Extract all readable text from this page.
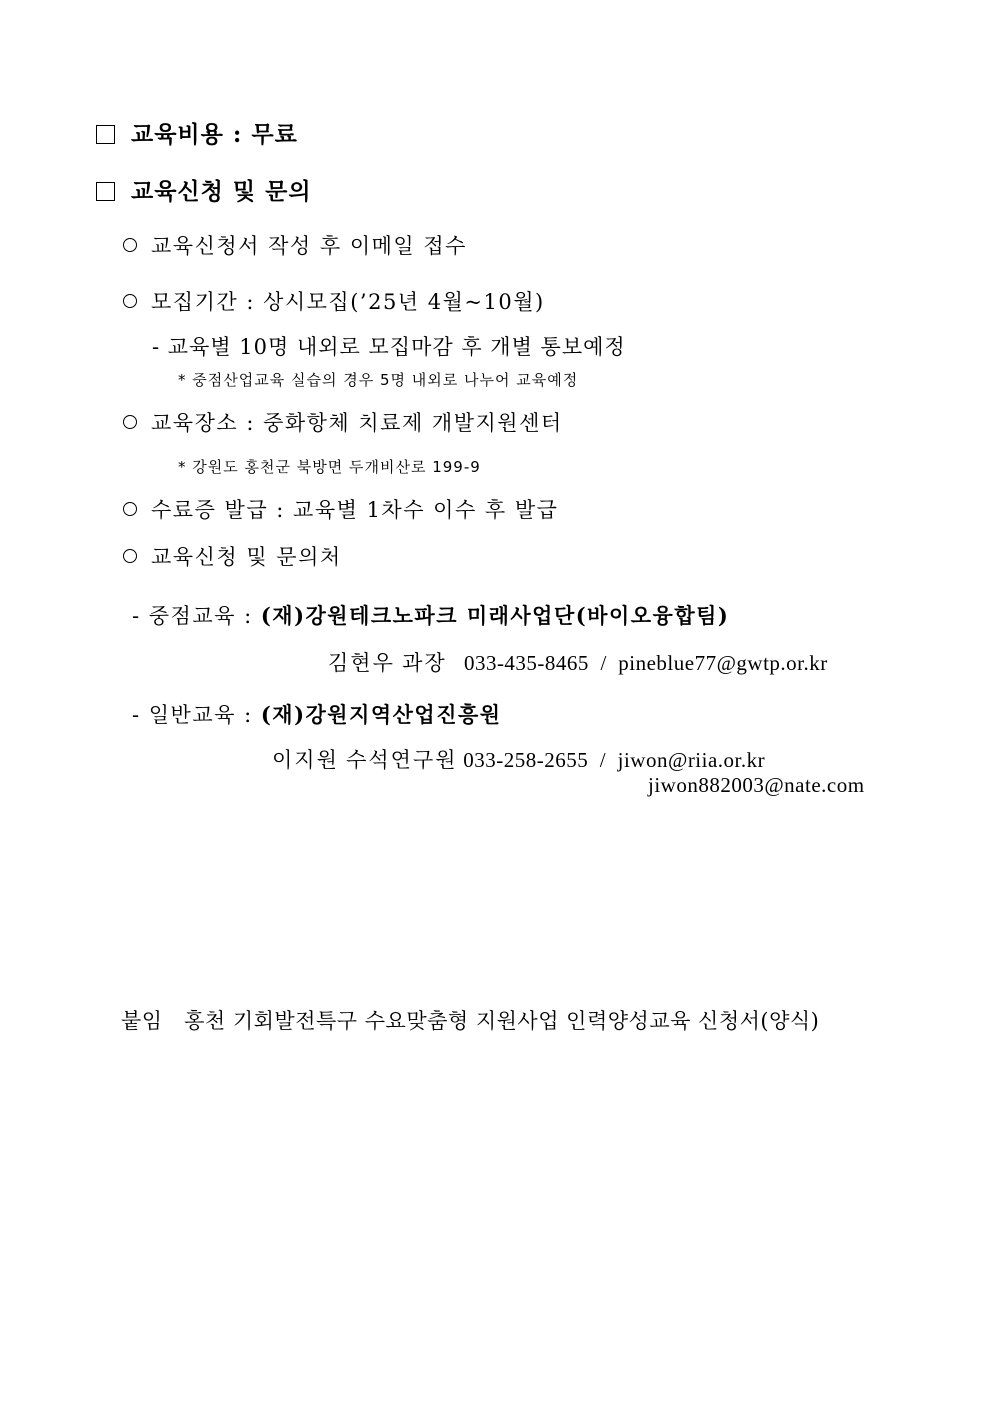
교육비용 : 무료
교육신청 및 문의
교육신청서 작성 후 이메일 접수
모집기간 : 상시모집(’25년 4월~10월)
- 교육별 10명 내외로 모집마감 후 개별 통보예정
* 중점산업교육 실습의 경우 5명 내외로 나누어 교육예정
교육장소 : 중화항체 치료제 개발지원센터
* 강원도 홍천군 북방면 두개비산로 199-9
수료증 발급 : 교육별 1차수 이수 후 발급
교육신청 및 문의처
- 중점교육 : (재)강원테크노파크 미래사업단(바이오융합팀)
김현우 과장 033-435-8465 / pineblue77@gwtp.or.kr
- 일반교육 : (재)강원지역산업진흥원
이지원 수석연구원 033-258-2655 / jiwon@riia.or.kr
jiwon882003@nate.com
붙임 홍천 기회발전특구 수요맞춤형 지원사업 인력양성교육 신청서(양식)
